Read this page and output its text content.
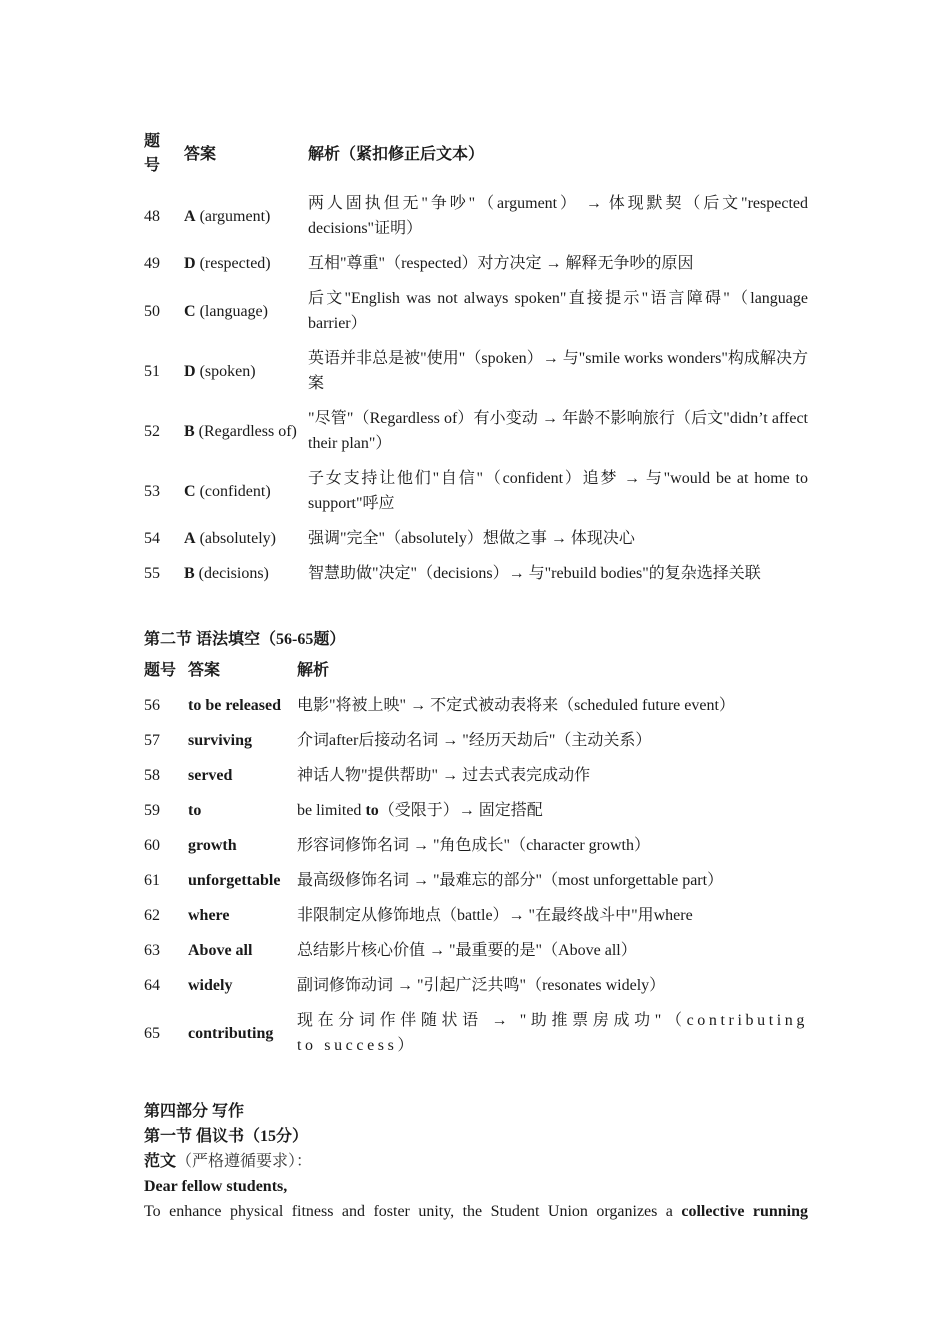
题号	答案	解析（紧扣修正后文本）
48	A (argument)	两人固执但无"争吵"（argument） → 体现默契（后文"respected decisions"证明）
49	D (respected)	互相"尊重"（respected）对方决定 → 解释无争吵的原因
50	C (language)	后文"English was not always spoken"直接提示"语言障碍"（language barrier）
51	D (spoken)	英语并非总是被"使用"（spoken）→ 与"smile works wonders"构成解决方案
52	B (Regardless of)	"尽管"（Regardless of）有小变动 → 年龄不影响旅行（后文"didn’t affect their plan"）
53	C (confident)	子女支持让他们"自信"（confident）追梦 → 与"would be at home to support"呼应
54	A (absolutely)	强调"完全"（absolutely）想做之事 → 体现决心
55	B (decisions)	智慧助做"决定"（decisions）→ 与"rebuild bodies"的复杂选择关联
第二节 语法填空（56-65题）
题号	答案	解析
56	to be released	电影"将被上映" → 不定式被动表将来（scheduled future event）
57	surviving	介词after后接动名词 → "经历天劫后"（主动关系）
58	served	神话人物"提供帮助" → 过去式表完成动作
59	to	be limited to（受限于）→ 固定搭配
60	growth	形容词修饰名词 → "角色成长"（character growth）
61	unforgettable	最高级修饰名词 → "最难忘的部分"（most unforgettable part）
62	where	非限制定从修饰地点（battle）→ "在最终战斗中"用where
63	Above all	总结影片核心价值 → "最重要的是"（Above all）
64	widely	副词修饰动词 → "引起广泛共鸣"（resonates widely）
65	contributing	现在分词作伴随状语 → "助推票房成功"（contributing to success）
第四部分 写作
第一节 倡议书（15分）
范文（严格遵循要求）：
Dear fellow students,
To enhance physical fitness and foster unity, the Student Union organizes a collective running
